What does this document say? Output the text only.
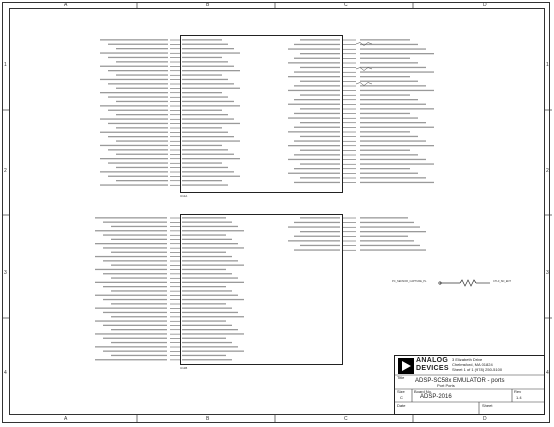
A	B	C	D
A	B	C	D
1
2
3
4
1
2
3
4
U11A
U11B
PC_SENSOR_CAPTURE_PL	CTL0_SD_ENT
ANALOG
DEVICES
3 Elizabeth Drive
Chelmsford, MA 01824
Sheet 1 of 1 (978) 250-5100
Title
ADSP-SC58x EMULATOR - ports
Port Ports
Size
C
Board No.
ADSP-2016
Rev
1.4
Date	Sheet
